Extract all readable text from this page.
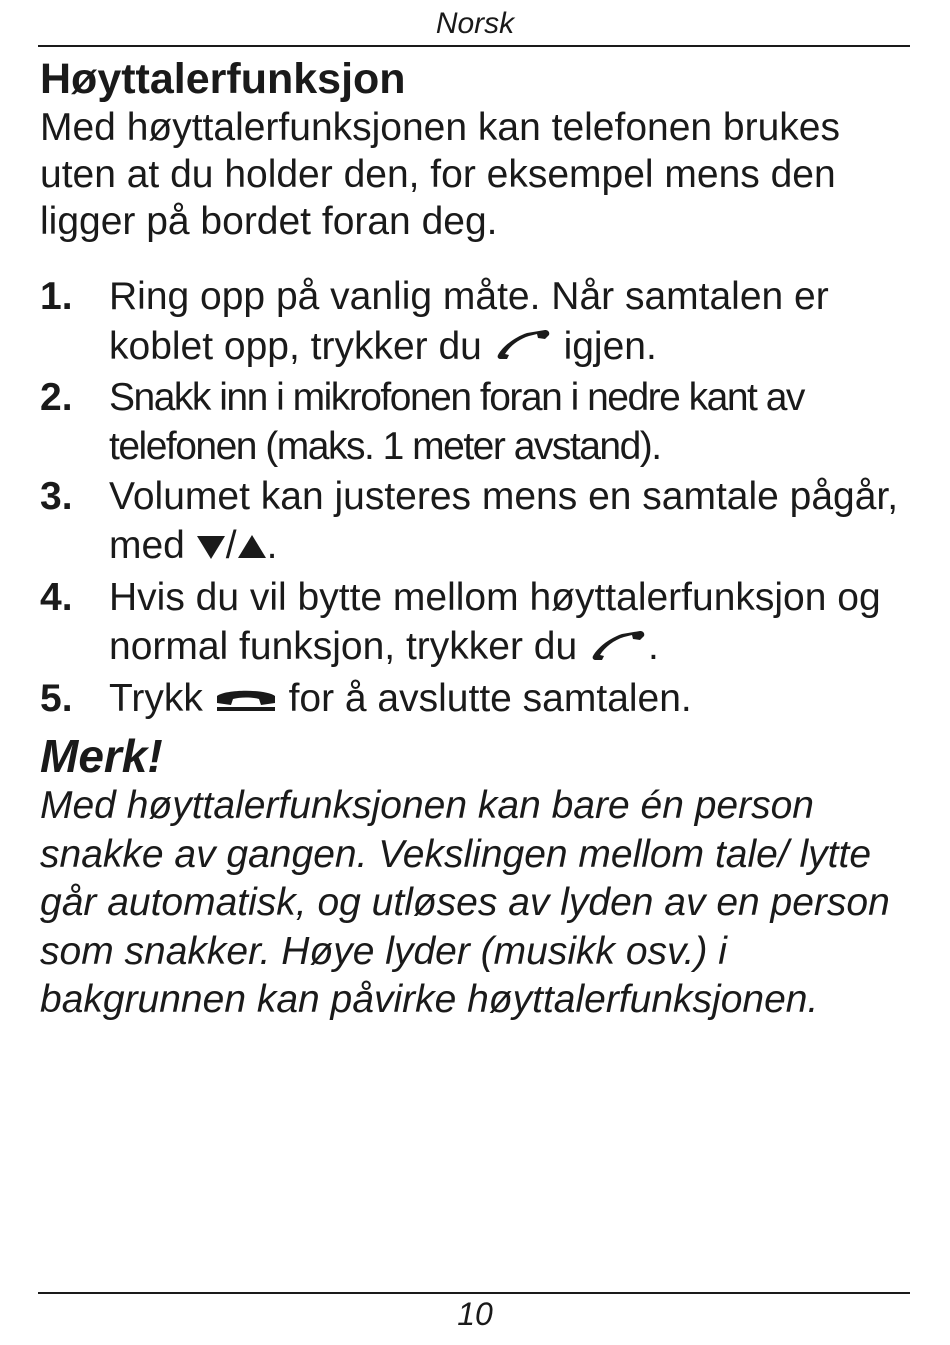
Norsk
Høyttalerfunksjon
Med høyttalerfunksjonen kan telefonen brukes uten at du holder den, for eksempel mens den ligger på bordet foran deg.
1. Ring opp på vanlig måte. Når samtalen er koblet opp, trykker du igjen.
2. Snakk inn i mikrofonen foran i nedre kant av telefonen (maks. 1 meter avstand).
3. Volumet kan justeres mens en samtale pågår, med / .
4. Hvis du vil bytte mellom høyttalerfunksjon og normal funksjon, trykker du .
5. Trykk for å avslutte samtalen.
Merk!
Med høyttalerfunksjonen kan bare én person snakke av gangen. Vekslingen mellom tale/ lytte går automatisk, og utløses av lyden av en person som snakker. Høye lyder (musikk osv.) i bakgrunnen kan påvirke høyttalerfunksjonen.
10
